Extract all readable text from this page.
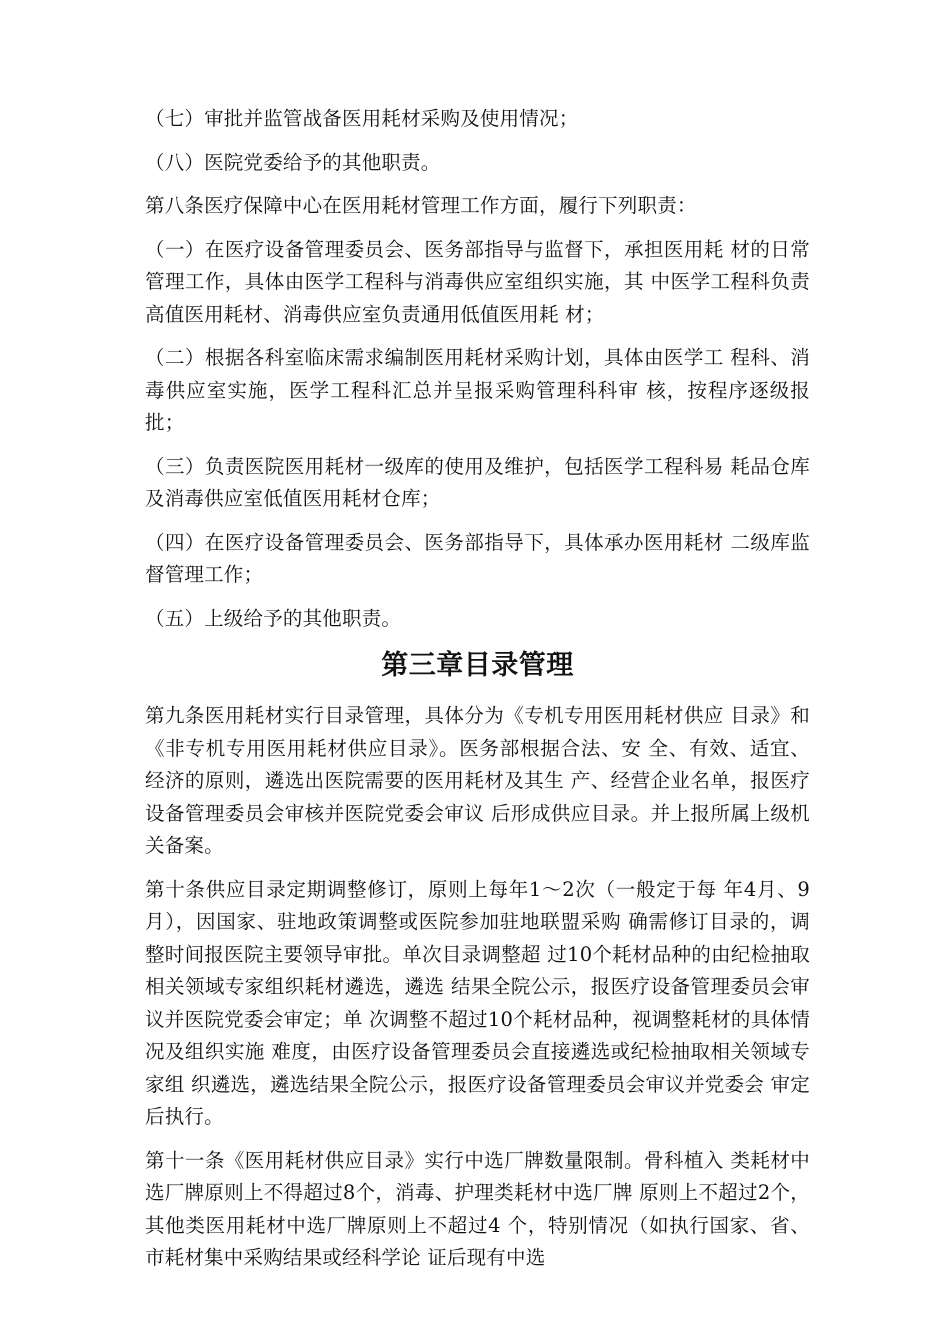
（七）审批并监管战备医用耗材采购及使用情况；

（八）医院党委给予的其他职责。

第八条医疗保障中心在医用耗材管理工作方面，履行下列职责：

（一）在医疗设备管理委员会、医务部指导与监督下，承担医用耗 材的日常管理工作，具体由医学工程科与消毒供应室组织实施，其 中医学工程科负责高值医用耗材、消毒供应室负责通用低值医用耗 材；

（二）根据各科室临床需求编制医用耗材采购计划，具体由医学工 程科、消毒供应室实施，医学工程科汇总并呈报采购管理科科审 核，按程序逐级报批；

（三）负责医院医用耗材一级库的使用及维护，包括医学工程科易 耗品仓库及消毒供应室低值医用耗材仓库；

（四）在医疗设备管理委员会、医务部指导下，具体承办医用耗材 二级库监督管理工作；

（五）上级给予的其他职责。

第三章目录管理

第九条医用耗材实行目录管理，具体分为《专机专用医用耗材供应 目录》和《非专机专用医用耗材供应目录》。医务部根据合法、安 全、有效、适宜、经济的原则，遴选出医院需要的医用耗材及其生 产、经营企业名单，报医疗设备管理委员会审核并医院党委会审议 后形成供应目录。并上报所属上级机关备案。

第十条供应目录定期调整修订，原则上每年1〜2次（一般定于每 年4月、9月），因国家、驻地政策调整或医院参加驻地联盟采购 确需修订目录的，调整时间报医院主要领导审批。单次目录调整超 过10个耗材品种的由纪检抽取相关领域专家组织耗材遴选，遴选 结果全院公示，报医疗设备管理委员会审议并医院党委会审定；单 次调整不超过10个耗材品种，视调整耗材的具体情况及组织实施 难度，由医疗设备管理委员会直接遴选或纪检抽取相关领域专家组 织遴选，遴选结果全院公示，报医疗设备管理委员会审议并党委会 审定后执行。

第十一条《医用耗材供应目录》实行中选厂牌数量限制。骨科植入 类耗材中选厂牌原则上不得超过8个，消毒、护理类耗材中选厂牌 原则上不超过2个，其他类医用耗材中选厂牌原则上不超过4 个，特别情况（如执行国家、省、市耗材集中采购结果或经科学论 证后现有中选
